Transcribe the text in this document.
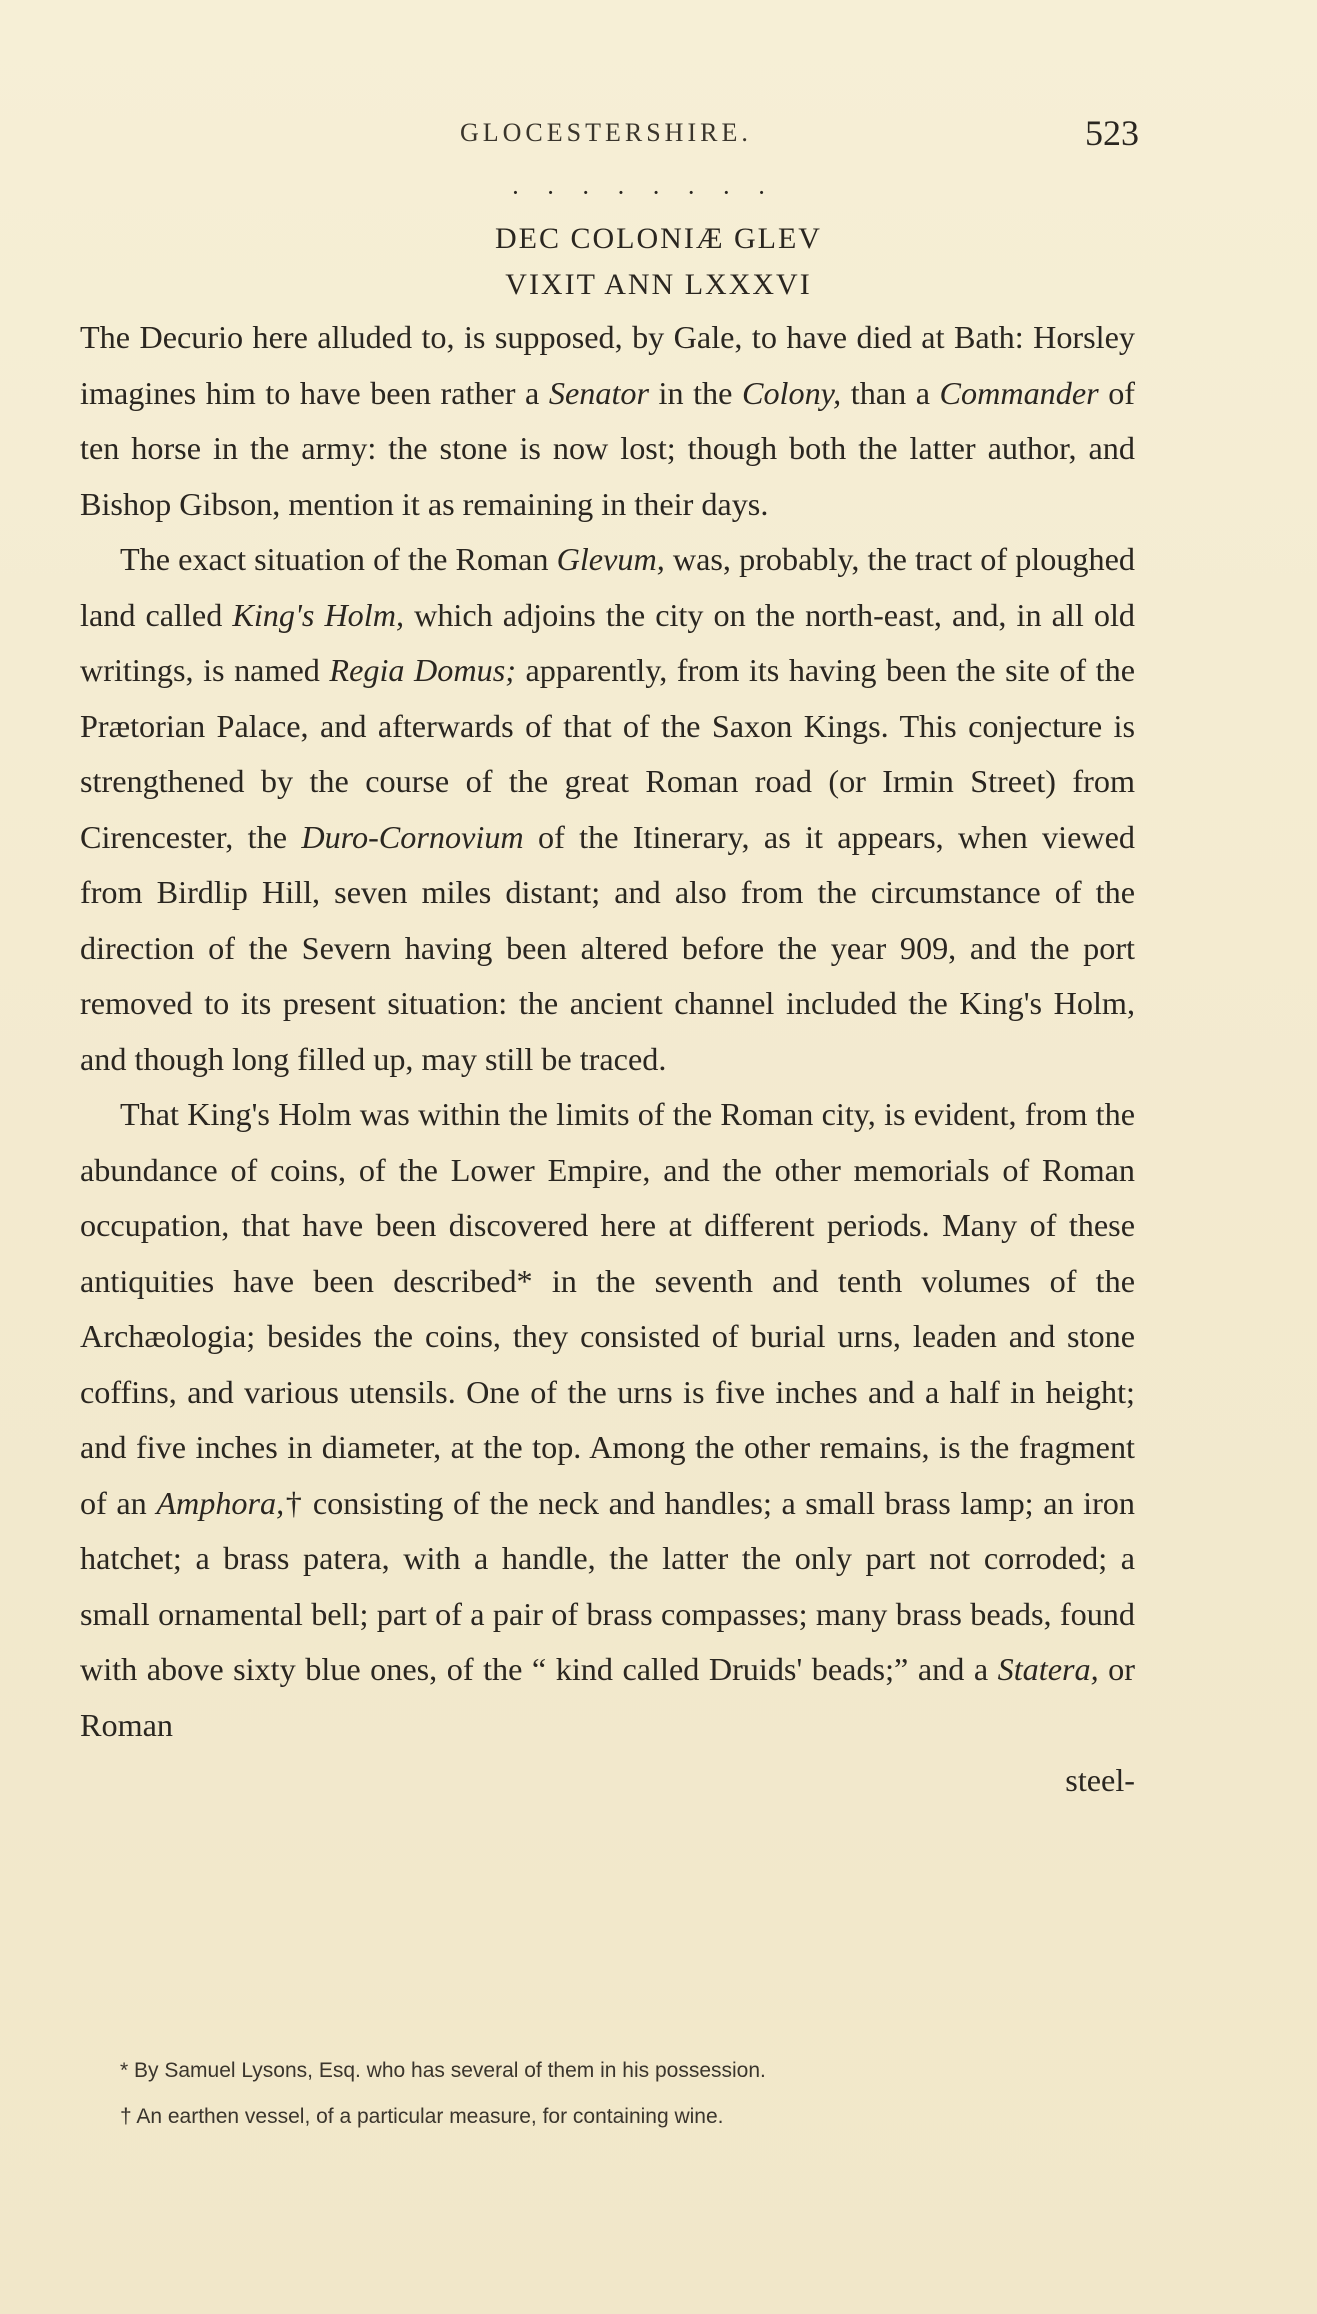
GLOCESTERSHIRE.	523
· · · · · · · ·
DEC COLONIÆ GLEV
VIXIT ANN LXXXVI

The Decurio here alluded to, is supposed, by Gale, to have died at Bath: Horsley imagines him to have been rather a Senator in the Colony, than a Commander of ten horse in the army: the stone is now lost; though both the latter author, and Bishop Gibson, mention it as remaining in their days.

The exact situation of the Roman Glevum, was, probably, the tract of ploughed land called King's Holm, which adjoins the city on the north-east, and, in all old writings, is named Regia Domus; apparently, from its having been the site of the Prætorian Palace, and afterwards of that of the Saxon Kings. This conjecture is strengthened by the course of the great Roman road (or Irmin Street) from Cirencester, the Duro-Cornovium of the Itinerary, as it appears, when viewed from Birdlip Hill, seven miles distant; and also from the circumstance of the direction of the Severn having been altered before the year 909, and the port removed to its present situation: the ancient channel included the King's Holm, and though long filled up, may still be traced.

That King's Holm was within the limits of the Roman city, is evident, from the abundance of coins, of the Lower Empire, and the other memorials of Roman occupation, that have been discovered here at different periods. Many of these antiquities have been described* in the seventh and tenth volumes of the Archæologia; besides the coins, they consisted of burial urns, leaden and stone coffins, and various utensils. One of the urns is five inches and a half in height; and five inches in diameter, at the top. Among the other remains, is the fragment of an Amphora,† consisting of the neck and handles; a small brass lamp; an iron hatchet; a brass patera, with a handle, the latter the only part not corroded; a small ornamental bell; part of a pair of brass compasses; many brass beads, found with above sixty blue ones, of the “ kind called Druids' beads;” and a Statera, or Roman

steel-

* By Samuel Lysons, Esq. who has several of them in his possession.

† An earthen vessel, of a particular measure, for containing wine.
